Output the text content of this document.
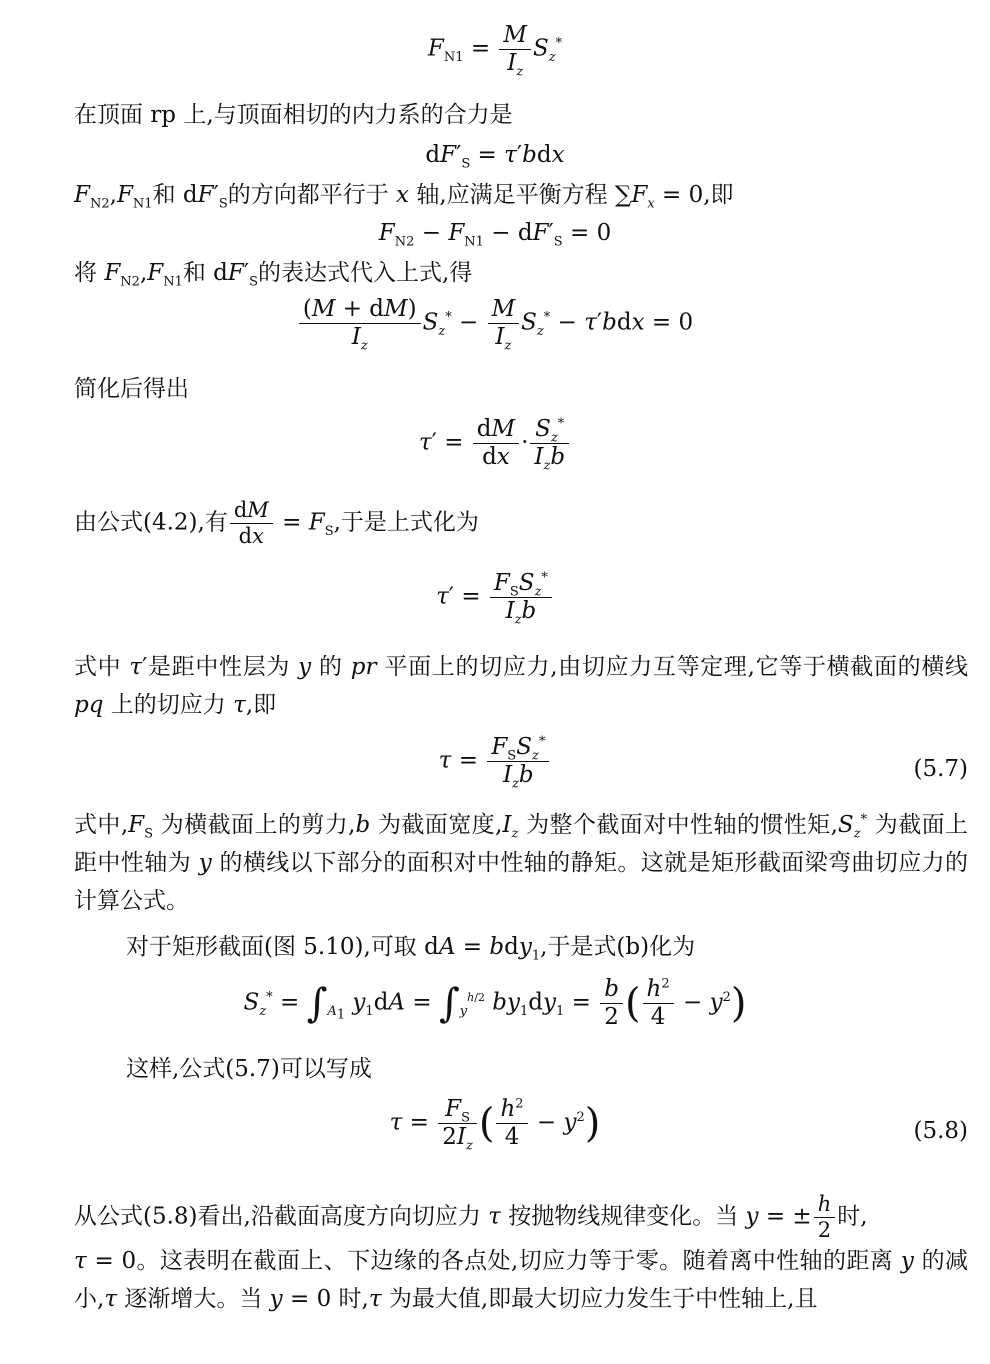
$F_{N1} = \frac{M}{I_z} S_z^*$
在顶面 rp 上,与顶面相切的内力系的合力是
$dF'_S = \tau'bdx$
$F_{N2},F_{N1}$和 $dF'_S$的方向都平行于 x 轴,应满足平衡方程 $\sum F_x = 0$,即
$F_{N2} - F_{N1} - dF'_S = 0$
将 $F_{N2},F_{N1}$和 $dF'_S$的表达式代入上式,得
$\frac{(M + dM)}{I_z} S_z^* - \frac{M}{I_z} S_z^* - \tau'bdx = 0$
简化后得出
$\tau' = \frac{dM}{dx} \cdot \frac{S_z^*}{I_zb}$
由公式(4.2),有 $\frac{dM}{dx} = F_S$,于是上式化为
$\tau' = \frac{F_SS_z^*}{I_zb}$
式中 τ′是距中性层为 y 的 pr 平面上的切应力,由切应力互等定理,它等于横截面的横线 pq 上的切应力 τ,即
$\tau = \frac{F_SS_z^*}{I_zb}$	(5.7)
式中$,F_S$ 为横截面上的剪力,b 为截面宽度$,I_z$ 为整个截面对中性轴的惯性矩$,S_z^*$ 为截面上距中性轴为 y 的横线以下部分的面积对中性轴的静矩。这就是矩形截面梁弯曲切应力的计算公式。
对于矩形截面(图 5.10),可取 dA = bdy$_1$,于是式(b)化为
$S_z^* = \int_{A_1}$ $y_1dA = \int_y^{h/2}$ $by_1dy_1 = \frac{b}{2}$ ( $\frac{h^2}{4} - y^2$)
这样,公式(5.7)可以写成
$\tau = \frac{F_S}{2I_z}$ ( $\frac{h^2}{4} - y^2$)	(5.8)
从公式(5.8)看出,沿截面高度方向切应力 τ 按抛物线规律变化。当 y = ± $\frac{h}{2}$ 时,
τ = 0。这表明在截面上、下边缘的各点处,切应力等于零。随着离中性轴的距离 y 的减小,τ 逐渐增大。当 y = 0 时,τ 为最大值,即最大切应力发生于中性轴上,且
